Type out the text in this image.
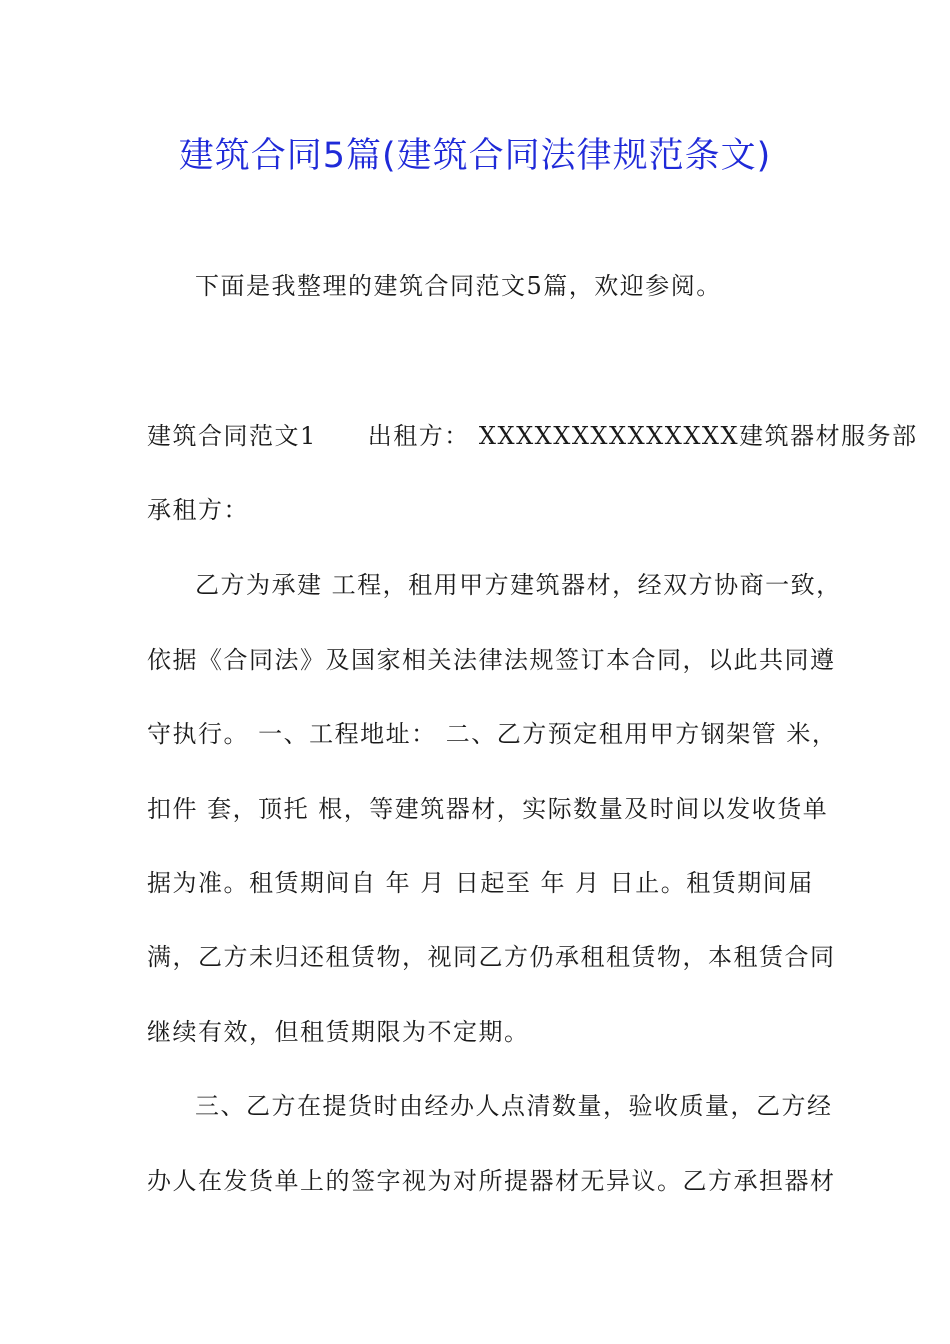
建筑合同5篇(建筑合同法律规范条文)
下面是我整理的建筑合同范文5篇，欢迎参阅。
建筑合同范文1　　出租方： XXXXXXXXXXXXXX建筑器材服务部
承租方：
乙方为承建 工程，租用甲方建筑器材，经双方协商一致，
依据《合同法》及国家相关法律法规签订本合同，以此共同遵
守执行。 一、工程地址： 二、乙方预定租用甲方钢架管 米，
扣件 套，顶托 根，等建筑器材，实际数量及时间以发收货单
据为准。租赁期间自 年 月 日起至 年 月 日止。租赁期间届
满，乙方未归还租赁物，视同乙方仍承租租赁物，本租赁合同
继续有效，但租赁期限为不定期。
三、乙方在提货时由经办人点清数量，验收质量，乙方经
办人在发货单上的签字视为对所提器材无异议。乙方承担器材
